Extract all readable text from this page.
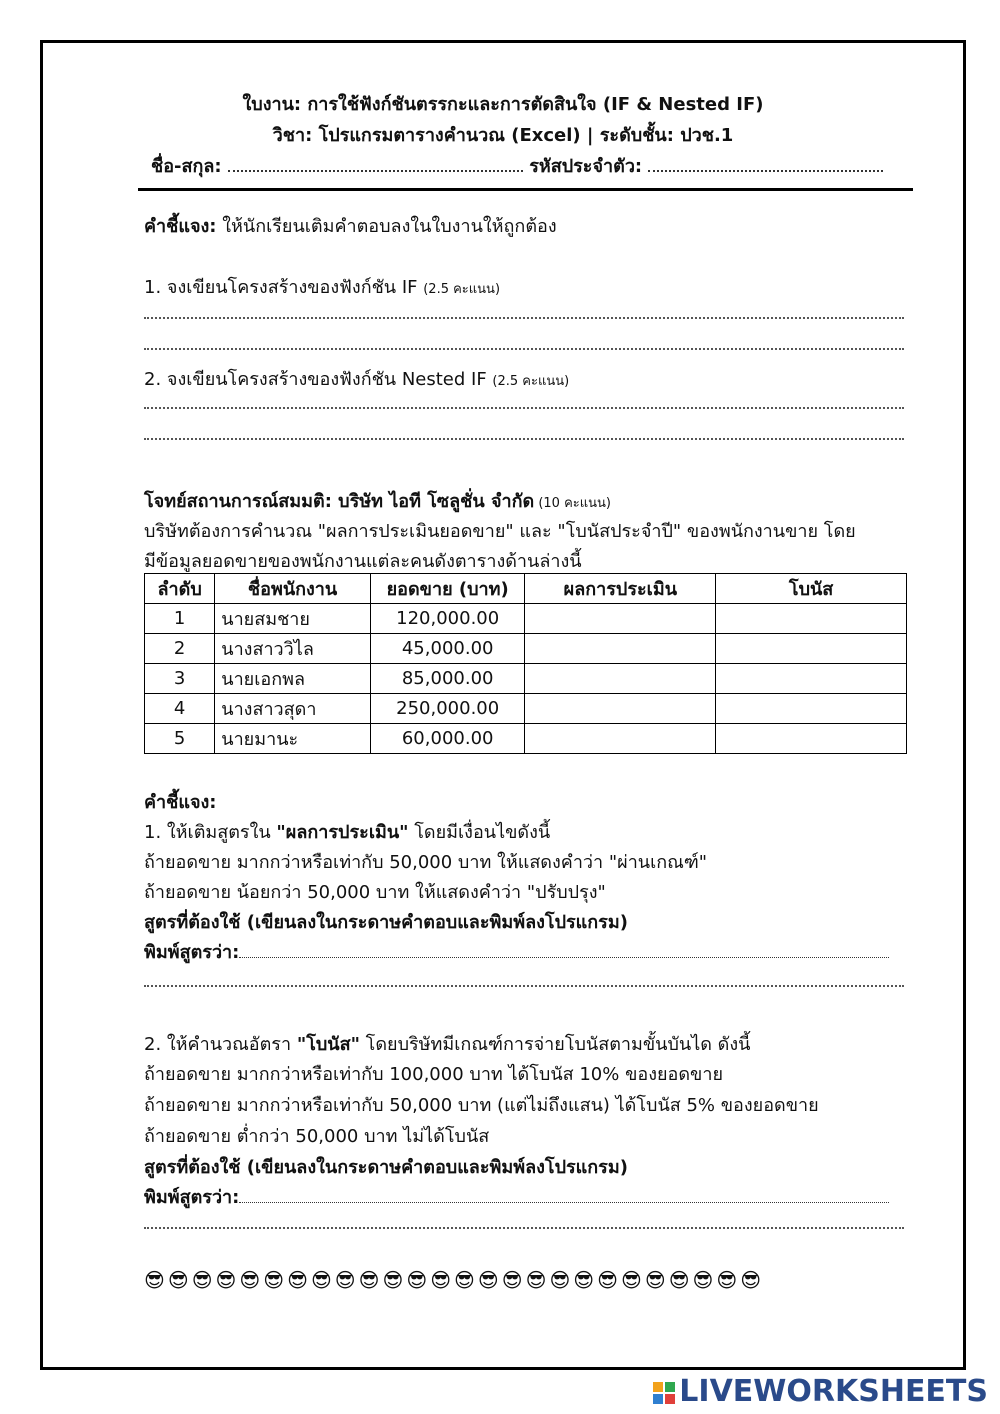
ใบงาน: การใช้ฟังก์ชันตรรกะและการตัดสินใจ (IF & Nested IF)
วิชา: โปรแกรมตารางคำนวณ (Excel) | ระดับชั้น: ปวช.1
ชื่อ-สกุล:	รหัสประจำตัว:
คำชี้แจง: ให้นักเรียนเติมคำตอบลงในใบงานให้ถูกต้อง
1. จงเขียนโครงสร้างของฟังก์ชัน IF (2.5 คะแนน)
2. จงเขียนโครงสร้างของฟังก์ชัน Nested IF (2.5 คะแนน)
โจทย์สถานการณ์สมมติ: บริษัท ไอที โซลูชั่น จำกัด (10 คะแนน)
บริษัทต้องการคำนวณ "ผลการประเมินยอดขาย" และ "โบนัสประจำปี" ของพนักงานขาย โดย
มีข้อมูลยอดขายของพนักงานแต่ละคนดังตารางด้านล่างนี้
ลำดับ	ชื่อพนักงาน	ยอดขาย (บาท)	ผลการประเมิน	โบนัส
1	นายสมชาย	120,000.00		
2	นางสาววิไล	45,000.00		
3	นายเอกพล	85,000.00		
4	นางสาวสุดา	250,000.00		
5	นายมานะ	60,000.00		
คำชี้แจง:
1. ให้เติมสูตรใน "ผลการประเมิน" โดยมีเงื่อนไขดังนี้
ถ้ายอดขาย มากกว่าหรือเท่ากับ 50,000 บาท ให้แสดงคำว่า "ผ่านเกณฑ์"
ถ้ายอดขาย น้อยกว่า 50,000 บาท ให้แสดงคำว่า "ปรับปรุง"
สูตรที่ต้องใช้ (เขียนลงในกระดาษคำตอบและพิมพ์ลงโปรแกรม)
พิมพ์สูตรว่า:
2. ให้คำนวณอัตรา "โบนัส" โดยบริษัทมีเกณฑ์การจ่ายโบนัสตามขั้นบันได ดังนี้
ถ้ายอดขาย มากกว่าหรือเท่ากับ 100,000 บาท ได้โบนัส 10% ของยอดขาย
ถ้ายอดขาย มากกว่าหรือเท่ากับ 50,000 บาท (แต่ไม่ถึงแสน) ได้โบนัส 5% ของยอดขาย
ถ้ายอดขาย ต่ำกว่า 50,000 บาท ไม่ได้โบนัส
สูตรที่ต้องใช้ (เขียนลงในกระดาษคำตอบและพิมพ์ลงโปรแกรม)
พิมพ์สูตรว่า:
😎😎😎😎😎😎😎😎😎😎😎😎😎😎😎😎😎😎😎😎😎😎😎😎😎😎
LIVEWORKSHEETS
